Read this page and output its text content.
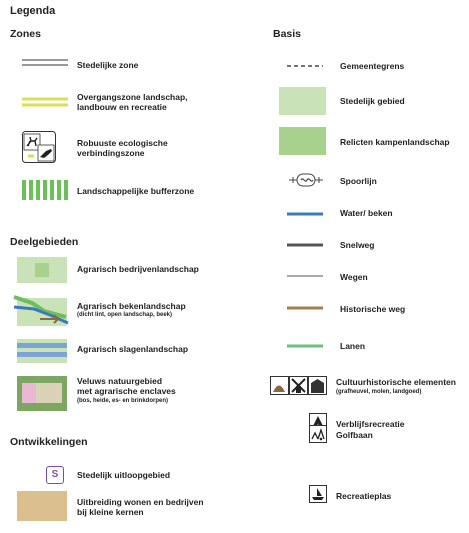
Legenda
Zones
Stedelijke zone
Overgangszone landschap,
landbouw en recreatie
Robuuste ecologische
verbindingszone
Landschappelijke bufferzone
Deelgebieden
Agrarisch bedrijvenlandschap
Agrarisch bekenlandschap
(dicht lint, open landschap, beek)
Agrarisch slagenlandschap
Veluws natuurgebied
met agrarische enclaves
(bos, heide, es- en brinkdorpen)
Ontwikkelingen
S	Stedelijk uitloopgebied
Uitbreiding wonen en bedrijven
bij kleine kernen
Basis
Gemeentegrens
Stedelijk gebied
Relicten kampenlandschap
Spoorlijn
Water/ beken
Snelweg
Wegen
Historische weg
Lanen
Cultuurhistorische elementen
(grafheuvel, molen, landgoed)
Verblijfsrecreatie
Golfbaan
Recreatieplas
